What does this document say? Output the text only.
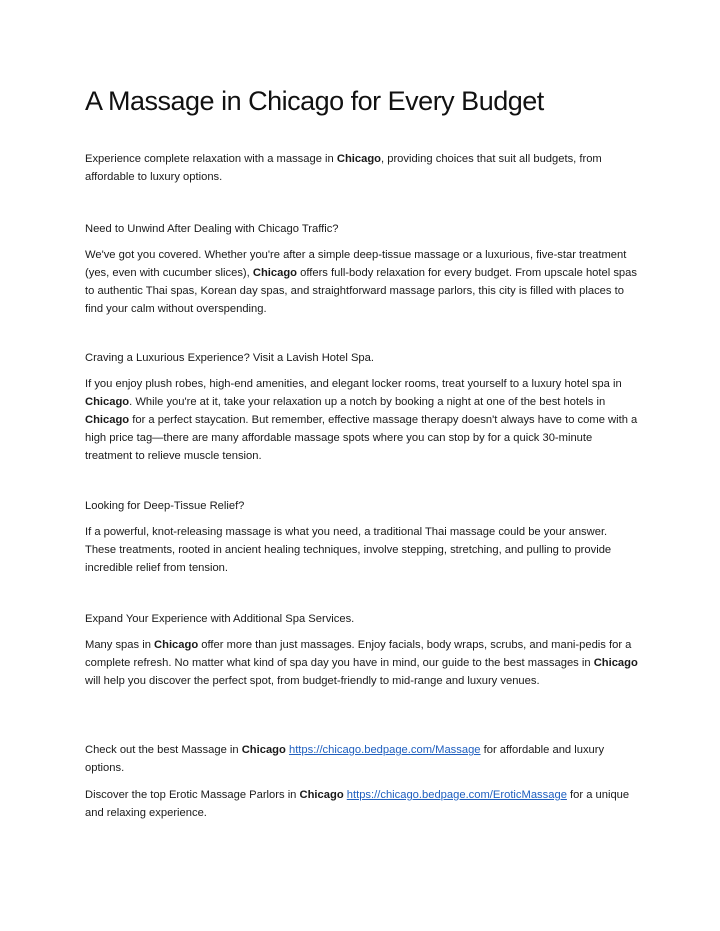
A Massage in Chicago for Every Budget

Experience complete relaxation with a massage in Chicago, providing choices that suit all budgets, from affordable to luxury options.

Need to Unwind After Dealing with Chicago Traffic?

We've got you covered. Whether you're after a simple deep-tissue massage or a luxurious, five-star treatment (yes, even with cucumber slices), Chicago offers full-body relaxation for every budget. From upscale hotel spas to authentic Thai spas, Korean day spas, and straightforward massage parlors, this city is filled with places to find your calm without overspending.

Craving a Luxurious Experience? Visit a Lavish Hotel Spa.

If you enjoy plush robes, high-end amenities, and elegant locker rooms, treat yourself to a luxury hotel spa in Chicago. While you're at it, take your relaxation up a notch by booking a night at one of the best hotels in Chicago for a perfect staycation. But remember, effective massage therapy doesn't always have to come with a high price tag—there are many affordable massage spots where you can stop by for a quick 30-minute treatment to relieve muscle tension.

Looking for Deep-Tissue Relief?

If a powerful, knot-releasing massage is what you need, a traditional Thai massage could be your answer. These treatments, rooted in ancient healing techniques, involve stepping, stretching, and pulling to provide incredible relief from tension.

Expand Your Experience with Additional Spa Services.

Many spas in Chicago offer more than just massages. Enjoy facials, body wraps, scrubs, and mani-pedis for a complete refresh. No matter what kind of spa day you have in mind, our guide to the best massages in Chicago will help you discover the perfect spot, from budget-friendly to mid-range and luxury venues.

Check out the best Massage in Chicago https://chicago.bedpage.com/Massage for affordable and luxury options.

Discover the top Erotic Massage Parlors in Chicago https://chicago.bedpage.com/EroticMassage for a unique and relaxing experience.
